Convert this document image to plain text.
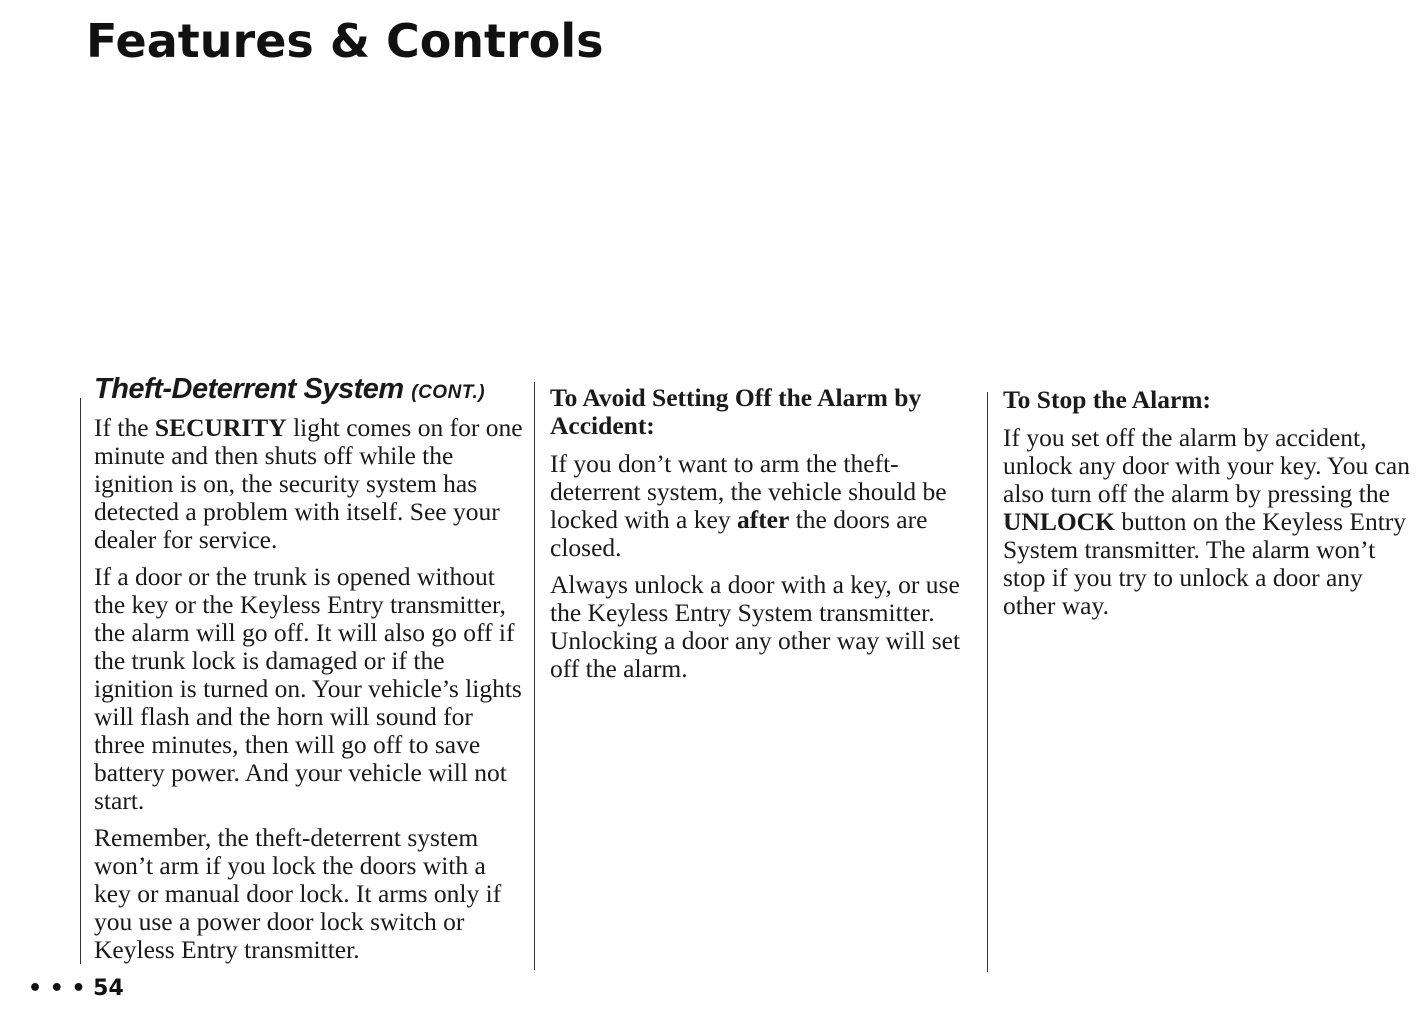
Features & Controls
Theft-Deterrent System (CONT.)

If the SECURITY light comes on for one minute and then shuts off while the ignition is on, the security system has detected a problem with itself. See your dealer for service.

If a door or the trunk is opened without the key or the Keyless Entry transmitter, the alarm will go off. It will also go off if the trunk lock is damaged or if the ignition is turned on. Your vehicle’s lights will flash and the horn will sound for three minutes, then will go off to save battery power. And your vehicle will not start.

Remember, the theft-deterrent system won’t arm if you lock the doors with a key or manual door lock. It arms only if you use a power door lock switch or Keyless Entry transmitter.

To Avoid Setting Off the Alarm by Accident:

If you don’t want to arm the theft-deterrent system, the vehicle should be locked with a key after the doors are closed.

Always unlock a door with a key, or use the Keyless Entry System transmitter. Unlocking a door any other way will set off the alarm.

To Stop the Alarm:

If you set off the alarm by accident, unlock any door with your key. You can also turn off the alarm by pressing the UNLOCK button on the Keyless Entry System transmitter. The alarm won’t stop if you try to unlock a door any other way.

• • • 54
